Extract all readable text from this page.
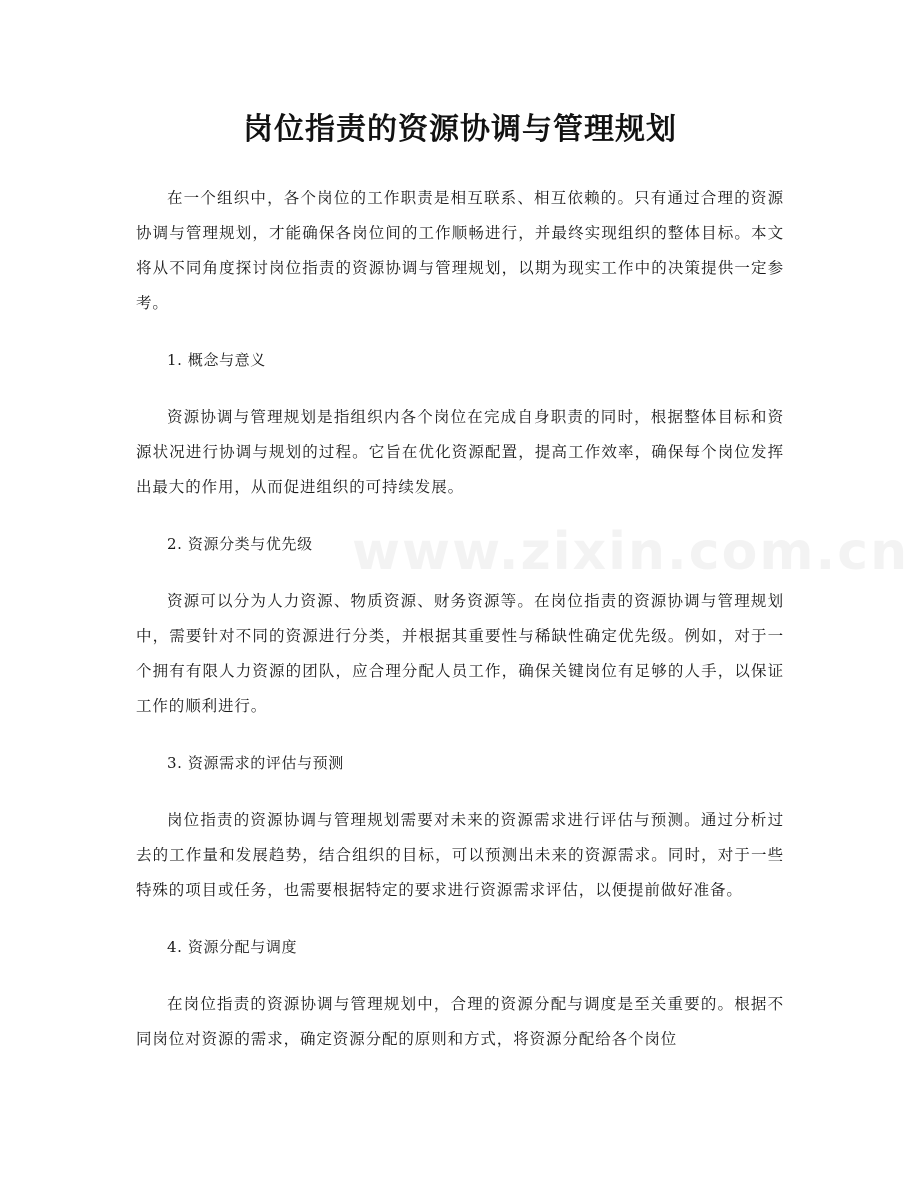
www.zixin.com.cn
岗位指责的资源协调与管理规划

在一个组织中，各个岗位的工作职责是相互联系、相互依赖的。只有通过合理的资源协调与管理规划，才能确保各岗位间的工作顺畅进行，并最终实现组织的整体目标。本文将从不同角度探讨岗位指责的资源协调与管理规划，以期为现实工作中的决策提供一定参考。

1. 概念与意义

资源协调与管理规划是指组织内各个岗位在完成自身职责的同时，根据整体目标和资源状况进行协调与规划的过程。它旨在优化资源配置，提高工作效率，确保每个岗位发挥出最大的作用，从而促进组织的可持续发展。

2. 资源分类与优先级

资源可以分为人力资源、物质资源、财务资源等。在岗位指责的资源协调与管理规划中，需要针对不同的资源进行分类，并根据其重要性与稀缺性确定优先级。例如，对于一个拥有有限人力资源的团队，应合理分配人员工作，确保关键岗位有足够的人手，以保证工作的顺利进行。

3. 资源需求的评估与预测

岗位指责的资源协调与管理规划需要对未来的资源需求进行评估与预测。通过分析过去的工作量和发展趋势，结合组织的目标，可以预测出未来的资源需求。同时，对于一些特殊的项目或任务，也需要根据特定的要求进行资源需求评估，以便提前做好准备。

4. 资源分配与调度

在岗位指责的资源协调与管理规划中，合理的资源分配与调度是至关重要的。根据不同岗位对资源的需求，确定资源分配的原则和方式，将资源分配给各个岗位
